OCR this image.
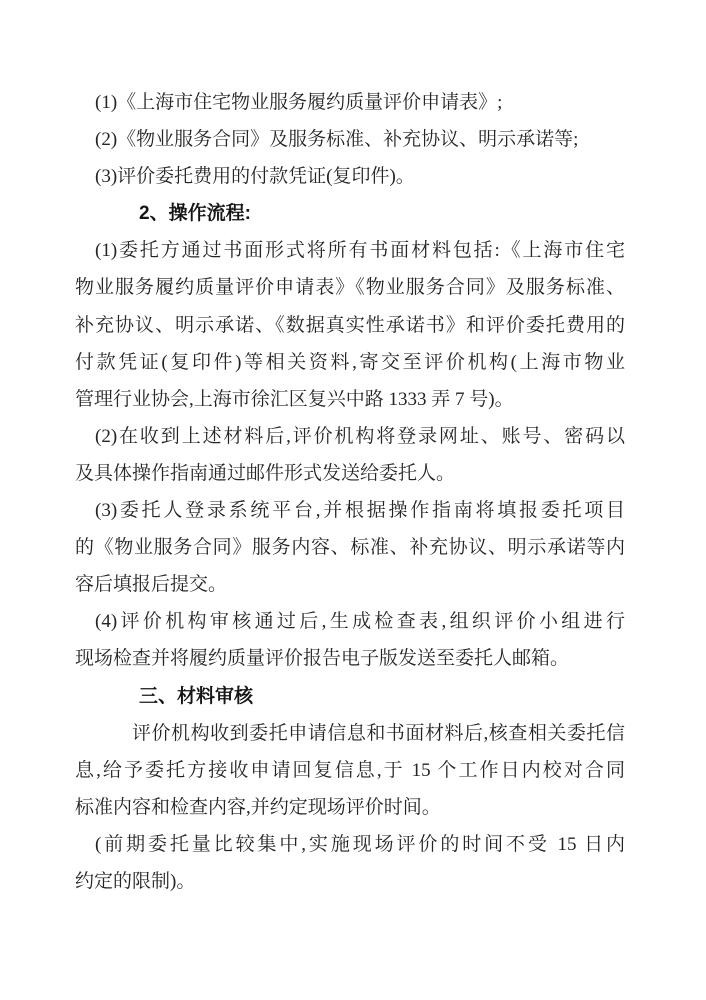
(1)《上海市住宅物业服务履约质量评价申请表》;
(2)《物业服务合同》及服务标准、补充协议、明示承诺等;
(3)评价委托费用的付款凭证(复印件)。
2、操作流程:
(1)委托方通过书面形式将所有书面材料包括:《上海市住宅
物业服务履约质量评价申请表》《物业服务合同》及服务标准、
补充协议、明示承诺、《数据真实性承诺书》和评价委托费用的
付款凭证(复印件)等相关资料,寄交至评价机构(上海市物业
管理行业协会,上海市徐汇区复兴中路 1333 弄 7 号)。
(2)在收到上述材料后,评价机构将登录网址、账号、密码以
及具体操作指南通过邮件形式发送给委托人。
(3)委托人登录系统平台,并根据操作指南将填报委托项目
的《物业服务合同》服务内容、标准、补充协议、明示承诺等内
容后填报后提交。
(4)评价机构审核通过后,生成检查表,组织评价小组进行
现场检查并将履约质量评价报告电子版发送至委托人邮箱。
三、材料审核
评价机构收到委托申请信息和书面材料后,核查相关委托信
息,给予委托方接收申请回复信息,于 15 个工作日内校对合同
标准内容和检查内容,并约定现场评价时间。
(前期委托量比较集中,实施现场评价的时间不受 15 日内
约定的限制)。
